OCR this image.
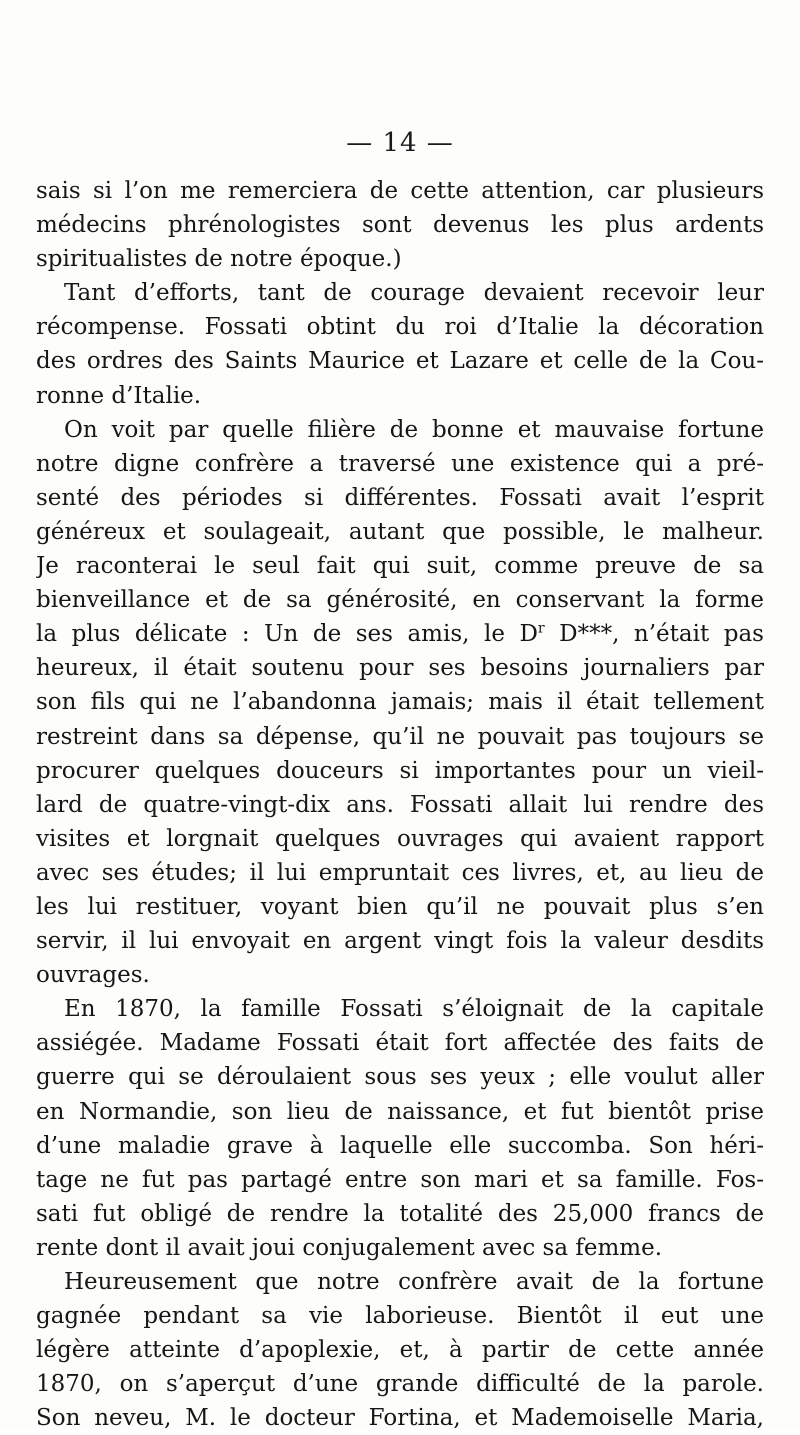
— 14 —
sais si l’on me remerciera de cette attention, car plusieurs
médecins phrénologistes sont devenus les plus ardents
spiritualistes de notre époque.)
Tant d’efforts, tant de courage devaient recevoir leur
récompense. Fossati obtint du roi d’Italie la décoration
des ordres des Saints Maurice et Lazare et celle de la Cou-
ronne d’Italie.
On voit par quelle filière de bonne et mauvaise fortune
notre digne confrère a traversé une existence qui a pré-
senté des périodes si différentes. Fossati avait l’esprit
généreux et soulageait, autant que possible, le malheur.
Je raconterai le seul fait qui suit, comme preuve de sa
bienveillance et de sa générosité, en conservant la forme
la plus délicate : Un de ses amis, le $D^r$ D***, n’était pas
heureux, il était soutenu pour ses besoins journaliers par
son fils qui ne l’abandonna jamais; mais il était tellement
restreint dans sa dépense, qu’il ne pouvait pas toujours se
procurer quelques douceurs si importantes pour un vieil-
lard de quatre-vingt-dix ans. Fossati allait lui rendre des
visites et lorgnait quelques ouvrages qui avaient rapport
avec ses études; il lui empruntait ces livres, et, au lieu de
les lui restituer, voyant bien qu’il ne pouvait plus s’en
servir, il lui envoyait en argent vingt fois la valeur desdits
ouvrages.
En 1870, la famille Fossati s’éloignait de la capitale
assiégée. Madame Fossati était fort affectée des faits de
guerre qui se déroulaient sous ses yeux ; elle voulut aller
en Normandie, son lieu de naissance, et fut bientôt prise
d’une maladie grave à laquelle elle succomba. Son héri-
tage ne fut pas partagé entre son mari et sa famille. Fos-
sati fut obligé de rendre la totalité des 25,000 francs de
rente dont il avait joui conjugalement avec sa femme.
Heureusement que notre confrère avait de la fortune
gagnée pendant sa vie laborieuse. Bientôt il eut une
légère atteinte d’apoplexie, et, à partir de cette année
1870, on s’aperçut d’une grande difficulté de la parole.
Son neveu, M. le docteur Fortina, et Mademoiselle Maria,
